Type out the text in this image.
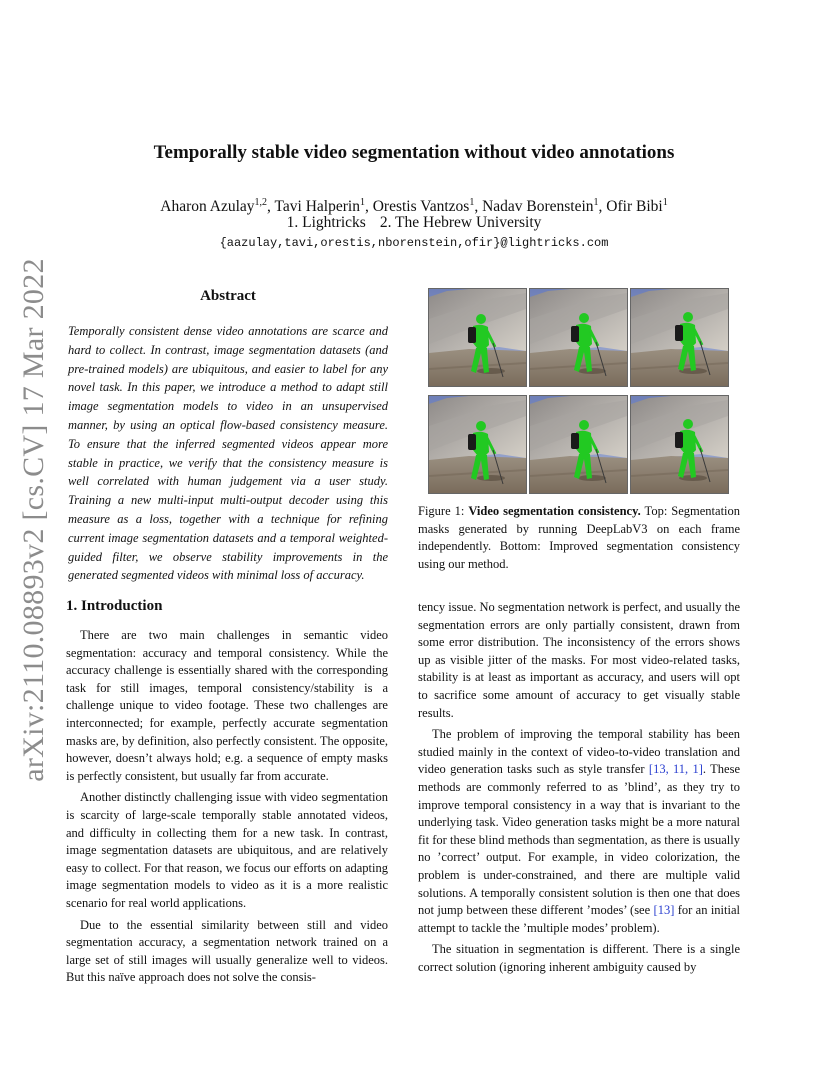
arXiv:2110.08893v2 [cs.CV] 17 Mar 2022
Temporally stable video segmentation without video annotations
Aharon Azulay$^{1,2}$, Tavi Halperin$^1$, Orestis Vantzos$^1$, Nadav Borenstein$^1$, Ofir Bibi$^1$
1. Lightricks 2. The Hebrew University
{aazulay,tavi,orestis,nborenstein,ofir}@lightricks.com
Abstract

Temporally consistent dense video annotations are scarce and hard to collect. In contrast, image segmentation datasets (and pre-trained models) are ubiquitous, and easier to label for any novel task. In this paper, we introduce a method to adapt still image segmentation models to video in an unsupervised manner, by using an optical flow-based consistency measure. To ensure that the inferred segmented videos appear more stable in practice, we verify that the consistency measure is well correlated with human judgement via a user study. Training a new multi-input multi-output decoder using this measure as a loss, together with a technique for refining current image segmentation datasets and a temporal weighted-guided filter, we observe stability improvements in the generated segmented videos with minimal loss of accuracy.

Figure 1: Video segmentation consistency. Top: Segmentation masks generated by running DeepLabV3 on each frame independently. Bottom: Improved segmentation consistency using our method.
1. Introduction

There are two main challenges in semantic video segmentation: accuracy and temporal consistency. While the accuracy challenge is essentially shared with the corresponding task for still images, temporal consistency/stability is a challenge unique to video footage. These two challenges are interconnected; for example, perfectly accurate segmentation masks are, by definition, also perfectly consistent. The opposite, however, doesn’t always hold; e.g. a sequence of empty masks is perfectly consistent, but usually far from accurate.

Another distinctly challenging issue with video segmentation is scarcity of large-scale temporally stable annotated videos, and difficulty in collecting them for a new task. In contrast, image segmentation datasets are ubiquitous, and are relatively easy to collect. For that reason, we focus our efforts on adapting image segmentation models to video as it is a more realistic scenario for real world applications.

Due to the essential similarity between still and video segmentation accuracy, a segmentation network trained on a large set of still images will usually generalize well to videos. But this naïve approach does not solve the consis-

tency issue. No segmentation network is perfect, and usually the segmentation errors are only partially consistent, drawn from some error distribution. The inconsistency of the errors shows up as visible jitter of the masks. For most video-related tasks, stability is at least as important as accuracy, and users will opt to sacrifice some amount of accuracy to get visually stable results.

The problem of improving the temporal stability has been studied mainly in the context of video-to-video translation and video generation tasks such as style transfer [13, 11, 1]. These methods are commonly referred to as ’blind’, as they try to improve temporal consistency in a way that is invariant to the underlying task. Video generation tasks might be a more natural fit for these blind methods than segmentation, as there is usually no ’correct’ output. For example, in video colorization, the problem is under-constrained, and there are multiple valid solutions. A temporally consistent solution is then one that does not jump between these different ’modes’ (see [13] for an initial attempt to tackle the ’multiple modes’ problem).

The situation in segmentation is different. There is a single correct solution (ignoring inherent ambiguity caused by
